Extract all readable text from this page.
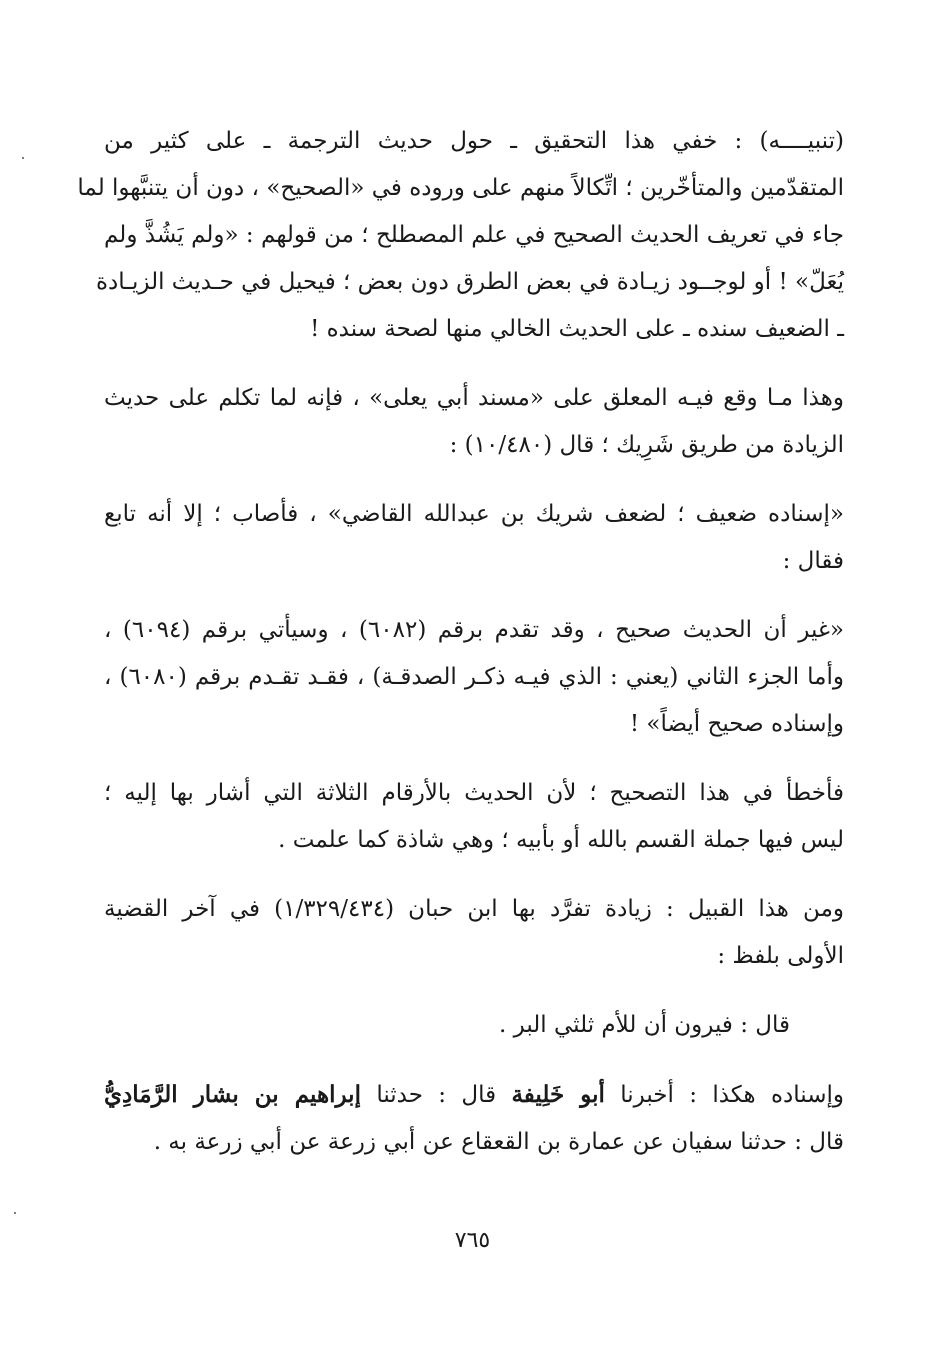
(تنبيــــه) : خفي هذا التحقيق ـ حول حديث الترجمة ـ على كثير من
المتقدّمين والمتأخّرين ؛ اتِّكالاً منهم على وروده في «الصحيح» ، دون أن يتنبَّهوا لما
جاء في تعريف الحديث الصحيح في علم المصطلح ؛ من قولهم : «ولم يَشُذَّ ولم
يُعَلّ» ! أو لوجــود زيـادة في بعض الطرق دون بعض ؛ فيحيل في حـديث الزيـادة
ـ الضعيف سنده ـ على الحديث الخالي منها لصحة سنده !

وهذا مـا وقع فيـه المعلق على «مسند أبي يعلى» ، فإنه لما تكلم على حديث
الزيادة من طريق شَرِيك ؛ قال (١٠/٤٨٠) :

«إسناده ضعيف ؛ لضعف شريك بن عبدالله القاضي» ، فأصاب ؛ إلا أنه تابع
فقال :

«غير أن الحديث صحيح ، وقد تقدم برقم (٦٠٨٢) ، وسيأتي برقم (٦٠٩٤) ،
وأما الجزء الثاني (يعني : الذي فيـه ذكـر الصدقـة) ، فقـد تقـدم برقم (٦٠٨٠) ،
وإسناده صحيح أيضاً» !

فأخطأ في هذا التصحيح ؛ لأن الحديث بالأرقام الثلاثة التي أشار بها إليه ؛
ليس فيها جملة القسم بالله أو بأبيه ؛ وهي شاذة كما علمت .

ومن هذا القبيل : زيادة تفرَّد بها ابن حبان (١/٣٢٩/٤٣٤) في آخر القضية
الأولى بلفظ :

قال : فيرون أن للأم ثلثي البر .

وإسناده هكذا : أخبرنا أبو خَلِيفة قال : حدثنا إبراهيم بن بشار الرَّمَادِيُّ
قال : حدثنا سفيان عن عمارة بن القعقاع عن أبي زرعة عن أبي زرعة به .

٧٦٥
